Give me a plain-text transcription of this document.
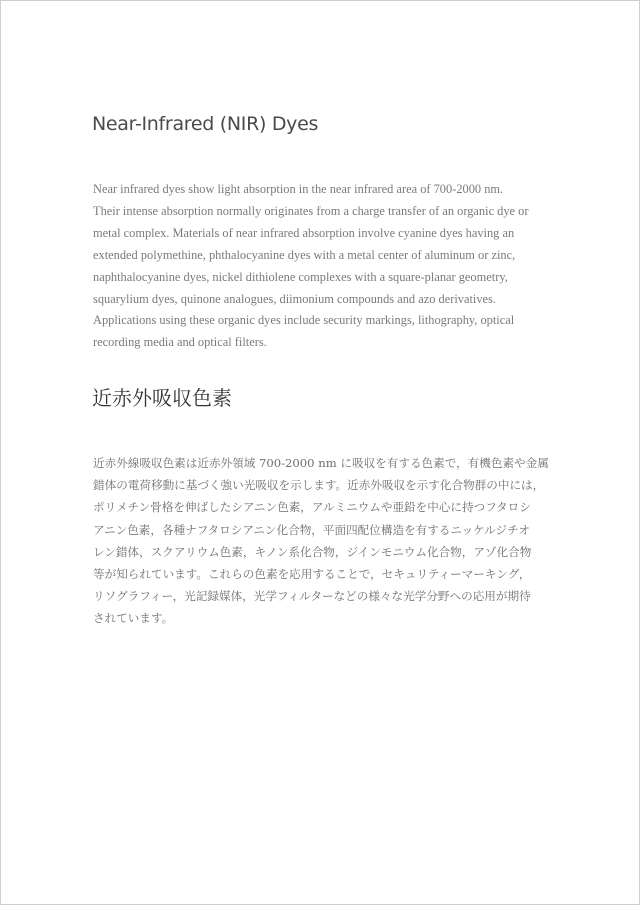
Near-Infrared (NIR) Dyes

Near infrared dyes show light absorption in the near infrared area of 700-2000 nm.
Their intense absorption normally originates from a charge transfer of an organic dye or
metal complex. Materials of near infrared absorption involve cyanine dyes having an
extended polymethine, phthalocyanine dyes with a metal center of aluminum or zinc,
naphthalocyanine dyes, nickel dithiolene complexes with a square-planar geometry,
squarylium dyes, quinone analogues, diimonium compounds and azo derivatives.
Applications using these organic dyes include security markings, lithography, optical
recording media and optical filters.

近赤外吸収色素

近赤外線吸収色素は近赤外領域 700-2000 nm に吸収を有する色素で，有機色素や金属
錯体の電荷移動に基づく強い光吸収を示します。近赤外吸収を示す化合物群の中には，
ポリメチン骨格を伸ばしたシアニン色素，アルミニウムや亜鉛を中心に持つフタロシ
アニン色素，各種ナフタロシアニン化合物，平面四配位構造を有するニッケルジチオ
レン錯体，スクアリウム色素，キノン系化合物，ジインモニウム化合物，アゾ化合物
等が知られています。これらの色素を応用することで，セキュリティーマーキング，
リソグラフィー，光記録媒体，光学フィルターなどの様々な光学分野への応用が期待
されています。
